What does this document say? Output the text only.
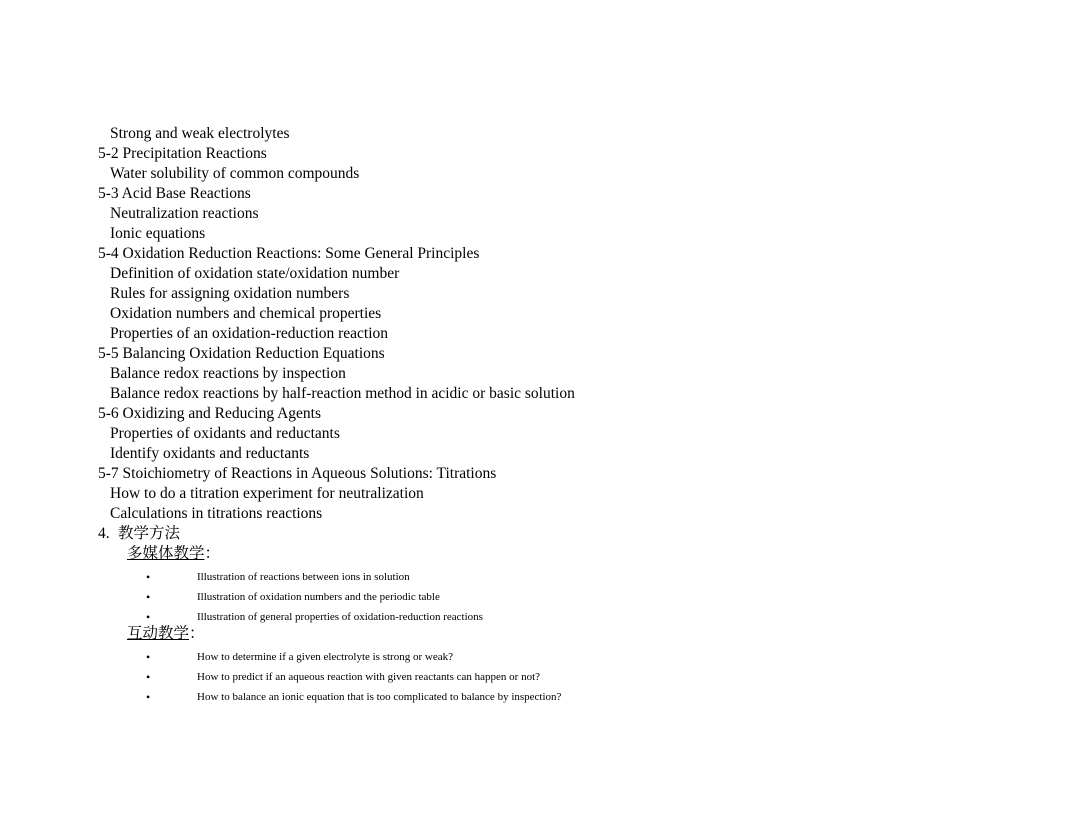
Strong and weak electrolytes
5-2 Precipitation Reactions
Water solubility of common compounds
5-3 Acid Base Reactions
Neutralization reactions
Ionic equations
5-4 Oxidation Reduction Reactions: Some General Principles
Definition of oxidation state/oxidation number
Rules for assigning oxidation numbers
Oxidation numbers and chemical properties
Properties of an oxidation-reduction reaction
5-5 Balancing Oxidation Reduction Equations
Balance redox reactions by inspection
Balance redox reactions by half-reaction method in acidic or basic solution
5-6 Oxidizing and Reducing Agents
Properties of oxidants and reductants
Identify oxidants and reductants
5-7 Stoichiometry of Reactions in Aqueous Solutions: Titrations
How to do a titration experiment for neutralization
Calculations in titrations reactions
4. 教学方法
多媒体教学：
•	Illustration of reactions between ions in solution
•	Illustration of oxidation numbers and the periodic table
•	Illustration of general properties of oxidation-reduction reactions
互动教学：
•	How to determine if a given electrolyte is strong or weak?
•	How to predict if an aqueous reaction with given reactants can happen or not?
•	How to balance an ionic equation that is too complicated to balance by inspection?
